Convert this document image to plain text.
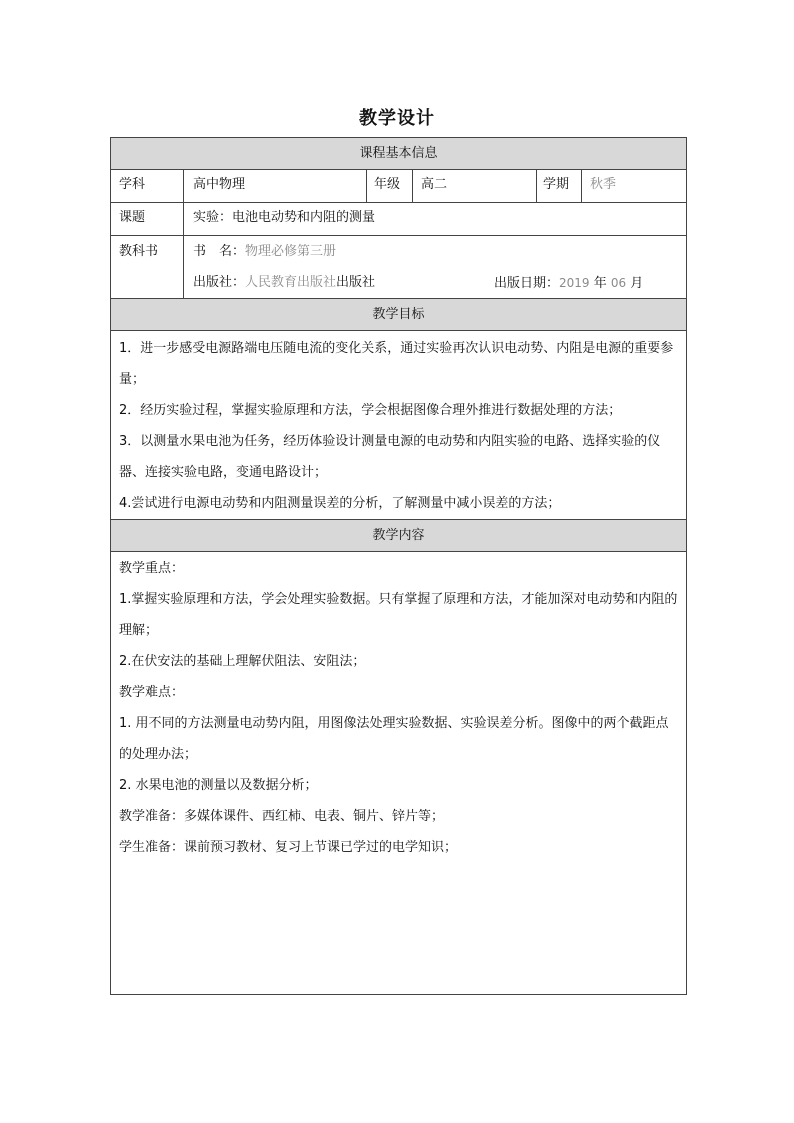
教学设计
课程基本信息
学科	高中物理	年级 高二	学期 秋季
课题	实验：电池电动势和内阻的测量
教科书	书　名：物理必修第三册
出版社：人民教育出版社出版社	出版日期：2019 年 06 月
教学目标
1．进一步感受电源路端电压随电流的变化关系，通过实验再次认识电动势、内阻是电源的重要参量；
2．经历实验过程，掌握实验原理和方法，学会根据图像合理外推进行数据处理的方法；
3．以测量水果电池为任务，经历体验设计测量电源的电动势和内阻实验的电路、选择实验的仪器、连接实验电路，变通电路设计；
4.尝试进行电源电动势和内阻测量误差的分析，了解测量中减小误差的方法；
教学内容
教学重点：
1.掌握实验原理和方法，学会处理实验数据。只有掌握了原理和方法，才能加深对电动势和内阻的理解；
2.在伏安法的基础上理解伏阻法、安阻法；
教学难点：
1. 用不同的方法测量电动势内阻，用图像法处理实验数据、实验误差分析。图像中的两个截距点的处理办法；
2. 水果电池的测量以及数据分析；
教学准备：多媒体课件、西红柿、电表、铜片、锌片等；
学生准备：课前预习教材、复习上节课已学过的电学知识；
